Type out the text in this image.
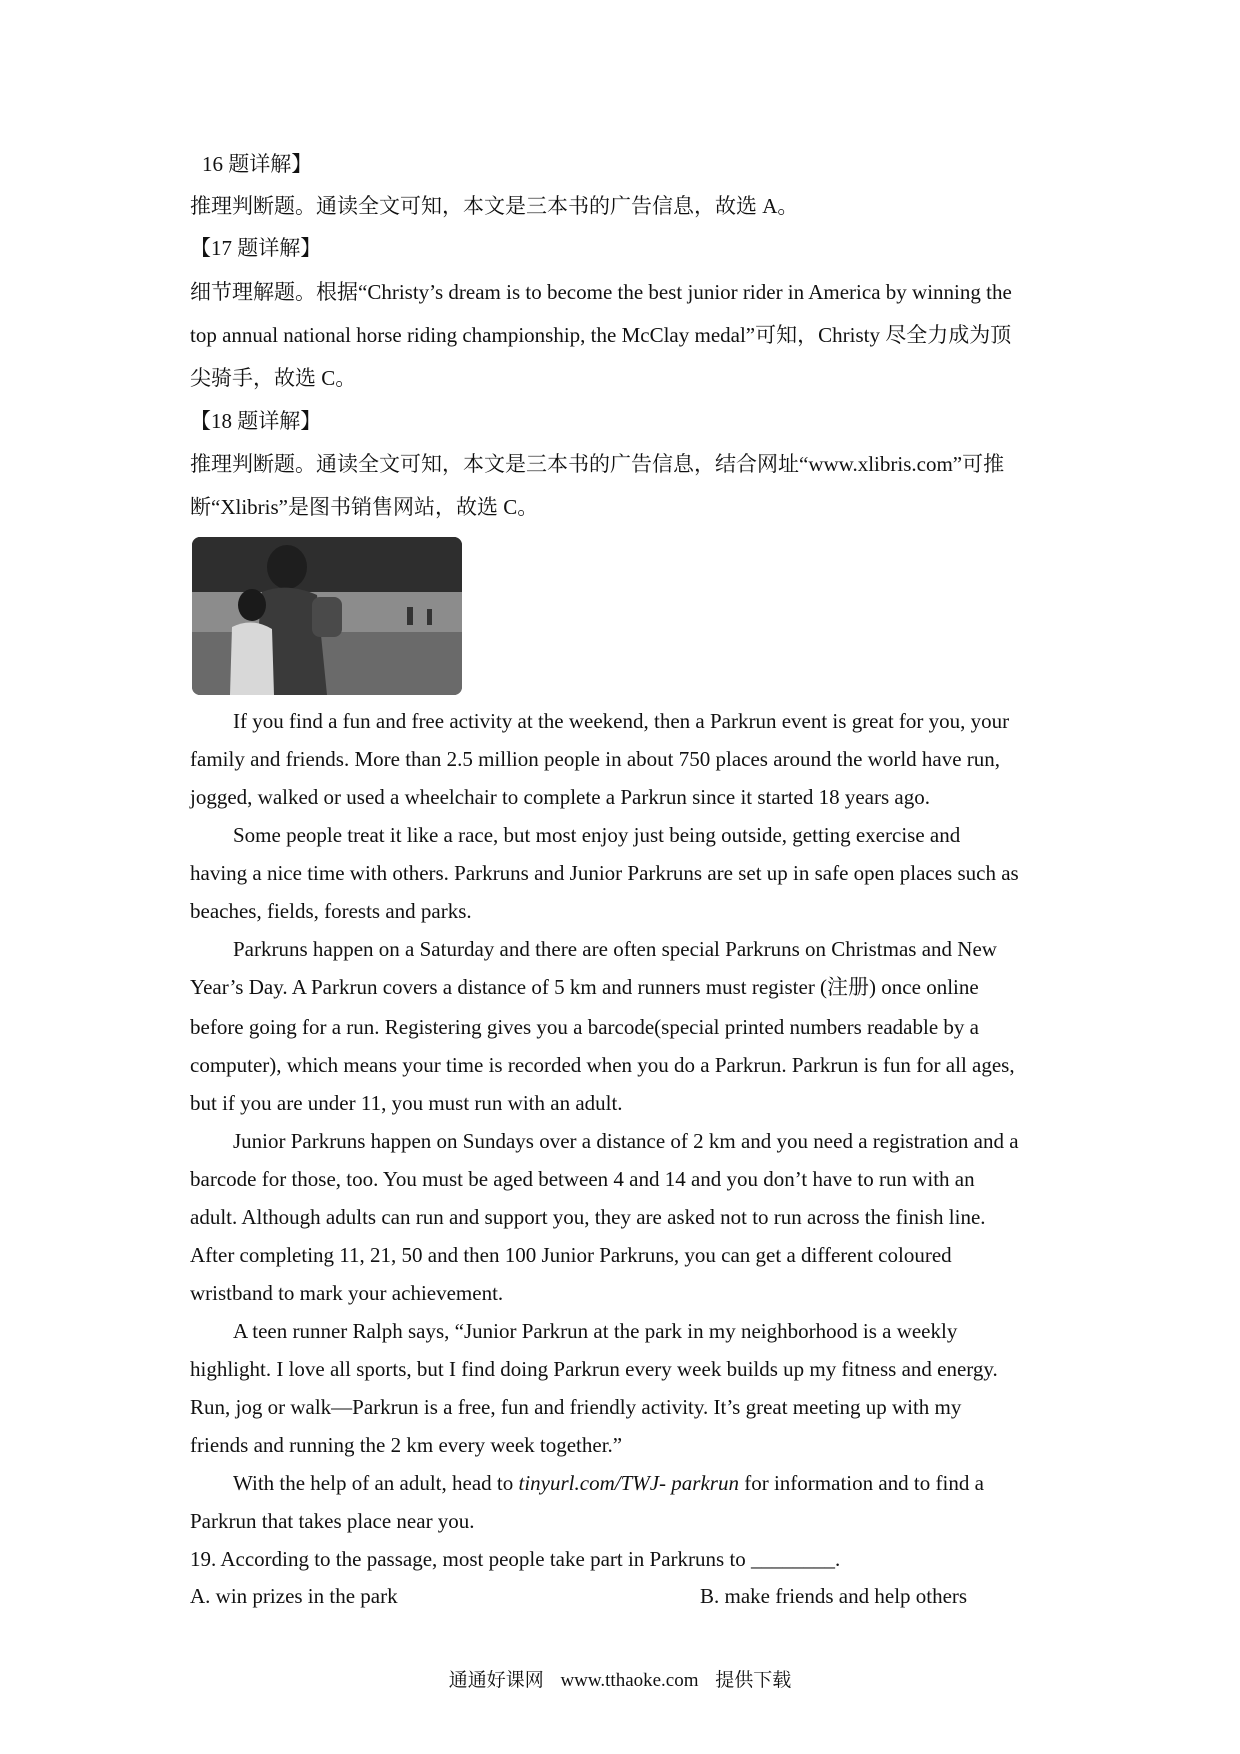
16 题详解】
推理判断题。通读全文可知，本文是三本书的广告信息，故选 A。
【17 题详解】
细节理解题。根据“Christy’s dream is to become the best junior rider in America by winning the
top annual national horse riding championship, the McClay medal”可知，Christy 尽全力成为顶
尖骑手，故选 C。
【18 题详解】
推理判断题。通读全文可知，本文是三本书的广告信息，结合网址“www.xlibris.com”可推
断“Xlibris”是图书销售网站，故选 C。
If you find a fun and free activity at the weekend, then a Parkrun event is great for you, your
family and friends. More than 2.5 million people in about 750 places around the world have run,
jogged, walked or used a wheelchair to complete a Parkrun since it started 18 years ago.
Some people treat it like a race, but most enjoy just being outside, getting exercise and
having a nice time with others. Parkruns and Junior Parkruns are set up in safe open places such as
beaches, fields, forests and parks.
Parkruns happen on a Saturday and there are often special Parkruns on Christmas and New
Year’s Day. A Parkrun covers a distance of 5 km and runners must register (注册) once online
before going for a run. Registering gives you a barcode(special printed numbers readable by a
computer), which means your time is recorded when you do a Parkrun. Parkrun is fun for all ages,
but if you are under 11, you must run with an adult.
Junior Parkruns happen on Sundays over a distance of 2 km and you need a registration and a
barcode for those, too. You must be aged between 4 and 14 and you don’t have to run with an
adult. Although adults can run and support you, they are asked not to run across the finish line.
After completing 11, 21, 50 and then 100 Junior Parkruns, you can get a different coloured
wristband to mark your achievement.
A teen runner Ralph says, “Junior Parkrun at the park in my neighborhood is a weekly
highlight. I love all sports, but I find doing Parkrun every week builds up my fitness and energy.
Run, jog or walk—Parkrun is a free, fun and friendly activity. It’s great meeting up with my
friends and running the 2 km every week together.”
With the help of an adult, head to tinyurl.com/TWJ- parkrun for information and to find a
Parkrun that takes place near you.
19. According to the passage, most people take part in Parkruns to ________.
A. win prizes in the park	B. make friends and help others
通通好课网 www.tthaoke.com 提供下载
